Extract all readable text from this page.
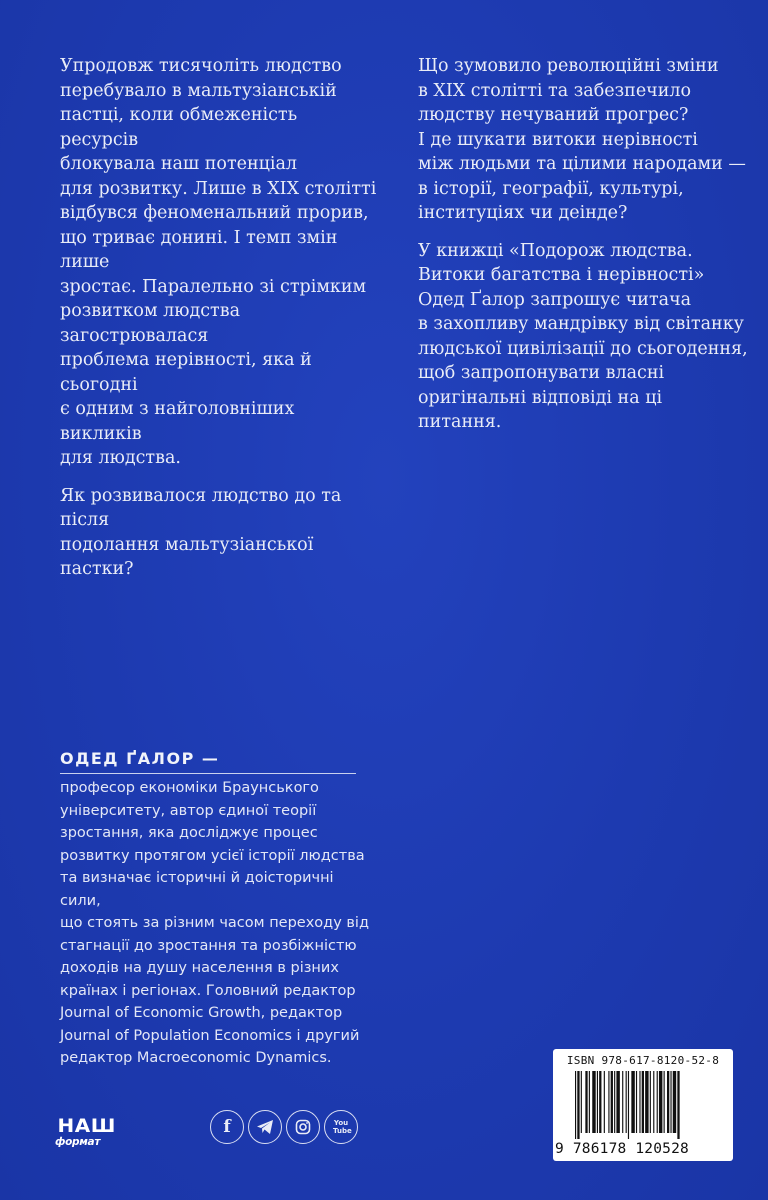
Упродовж тисячоліть людство
перебувало в мальтузіанській
пастці, коли обмеженість ресурсів
блокувала наш потенціал
для розвитку. Лише в XIX столітті
відбувся феноменальний прорив,
що триває донині. І темп змін лише
зростає. Паралельно зі стрімким
розвитком людства загострювалася
проблема нерівності, яка й сьогодні
є одним з найголовніших викликів
для людства.

Як розвивалося людство до та після
подолання мальтузіанської пастки?

Що зумовило революційні зміни
в XIX столітті та забезпечило
людству нечуваний прогрес?
І де шукати витоки нерівності
між людьми та цілими народами —
в історії, географії, культурі,
інституціях чи деінде?

У книжці «Подорож людства.
Витоки багатства і нерівності»
Одед Ґалор запрошує читача
в захопливу мандрівку від світанку
людської цивілізації до сьогодення,
щоб запропонувати власні
оригінальні відповіді на ці питання.

ОДЕД ҐАЛОР —
професор економіки Браунського
університету, автор єдиної теорії
зростання, яка досліджує процес
розвитку протягом усієї історії людства
та визначає історичні й доісторичні сили,
що стоять за різним часом переходу від
стагнації до зростання та розбіжністю
доходів на душу населення в різних
країнах і регіонах. Головний редактор
Journal of Economic Growth, редактор
Journal of Population Economics і другий
редактор Macroeconomic Dynamics.
НАШ
формат
f	You Tube
ISBN 978-617-8120-52-8
9 786178 120528
